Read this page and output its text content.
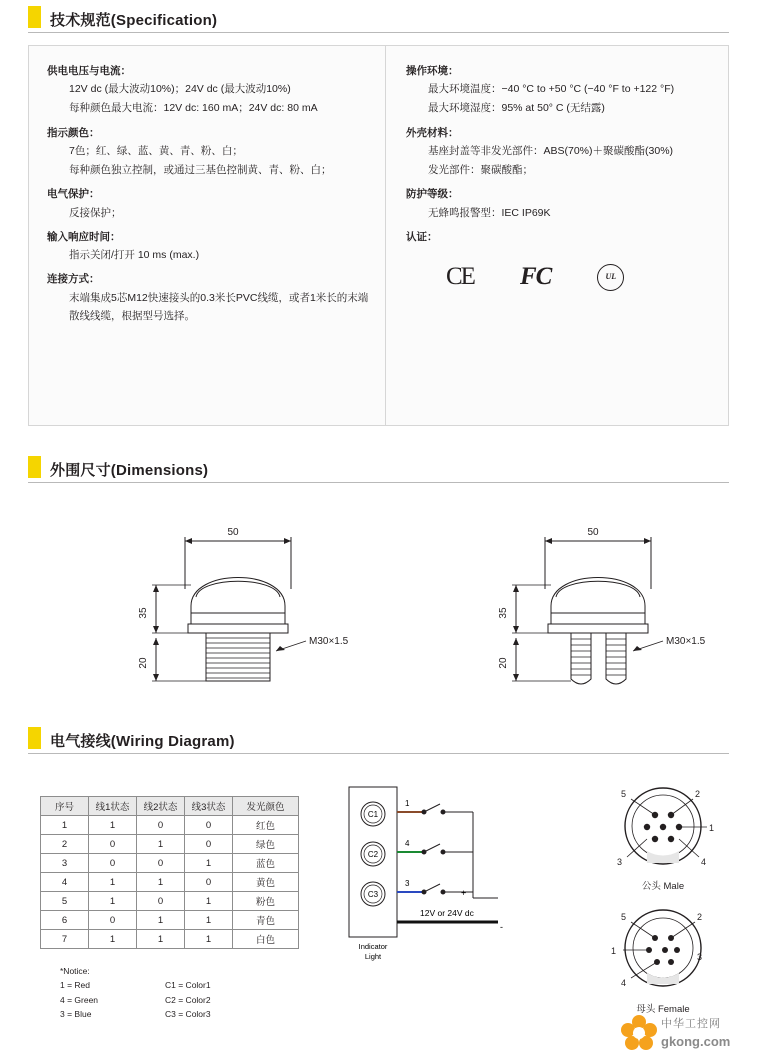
技术规范(Specification)
供电电压与电流：
12V dc (最大波动10%)；24V dc (最大波动10%)
每种颜色最大电流：12V dc: 160 mA；24V dc: 80 mA
指示颜色：
7色；红、绿、蓝、黄、青、粉、白；
每种颜色独立控制，或通过三基色控制黄、青、粉、白；
电气保护：
反接保护；
输入响应时间：
指示关闭/打开 10 ms (max.)
连接方式：
末端集成5芯M12快速接头的0.3米长PVC线缆，或者1米长的末端散线线缆，根据型号选择。
操作环境：
最大环境温度：−40 °C to +50 °C (−40 °F to +122 °F)
最大环境湿度：95% at 50° C (无结露)
外壳材料：
基座封盖等非发光部件：ABS(70%)＋聚碳酸酯(30%)
发光部件：聚碳酸酯；
防护等级：
无蜂鸣报警型：IEC IP69K
认证：
CE FC	UL
外围尺寸(Dimensions)
50	50
35
20
35
20
M30×1.5	M30×1.5
电气接线(Wiring Diagram)
序号	线1状态	线2状态	线3状态	发光颜色
1	1	0	0	红色
2	0	1	0	绿色
3	0	0	1	蓝色
4	1	1	0	黄色
5	1	0	1	粉色
6	0	1	1	青色
7	1	1	1	白色
*Notice:
1 = Red	C1 = Color1
4 = Green	C2 = Color2
3 = Blue	C3 = Color3
C1
C2
C3
Indicator
Light
+
-
12V or 24V dc
1
4
3
5	2
1
3	4
公头 Male
5	2
1
3
4
母头 Female
中华工控网
gkong.com
